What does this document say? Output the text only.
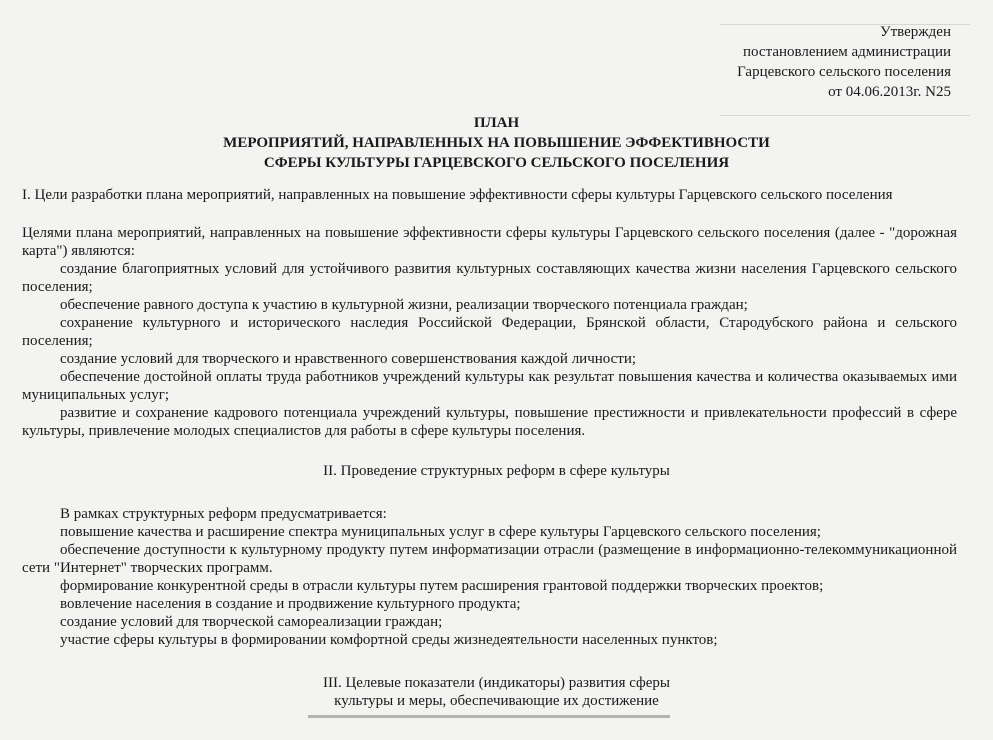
Утвержден
постановлением администрации
Гарцевского сельского поселения
от 04.06.2013г. N25
ПЛАН
МЕРОПРИЯТИЙ, НАПРАВЛЕННЫХ НА ПОВЫШЕНИЕ ЭФФЕКТИВНОСТИ
СФЕРЫ КУЛЬТУРЫ ГАРЦЕВСКОГО СЕЛЬСКОГО ПОСЕЛЕНИЯ

I. Цели разработки плана мероприятий, направленных на повышение эффективности сферы культуры Гарцевского сельского поселения

Целями плана мероприятий, направленных на повышение эффективности сферы культуры Гарцевского сельского поселения (далее - "дорожная карта") являются:

создание благоприятных условий для устойчивого развития культурных составляющих качества жизни населения Гарцевского сельского поселения;

обеспечение равного доступа к участию в культурной жизни, реализации творческого потенциала граждан;

сохранение культурного и исторического наследия Российской Федерации, Брянской области, Стародубского района и сельского поселения;

создание условий для творческого и нравственного совершенствования каждой личности;

обеспечение достойной оплаты труда работников учреждений культуры как результат повышения качества и количества оказываемых ими муниципальных услуг;

развитие и сохранение кадрового потенциала учреждений культуры, повышение престижности и привлекательности профессий в сфере культуры, привлечение молодых специалистов для работы в сфере культуры поселения.

II. Проведение структурных реформ в сфере культуры

В рамках структурных реформ предусматривается:

повышение качества и расширение спектра муниципальных услуг в сфере культуры Гарцевского сельского поселения;

обеспечение доступности к культурному продукту путем информатизации отрасли (размещение в информационно-телекоммуникационной сети "Интернет" творческих программ.

формирование конкурентной среды в отрасли культуры путем расширения грантовой поддержки творческих проектов;

вовлечение населения в создание и продвижение культурного продукта;

создание условий для творческой самореализации граждан;

участие сферы культуры в формировании комфортной среды жизнедеятельности населенных пунктов;

III. Целевые показатели (индикаторы) развития сферы
культуры и меры, обеспечивающие их достижение
